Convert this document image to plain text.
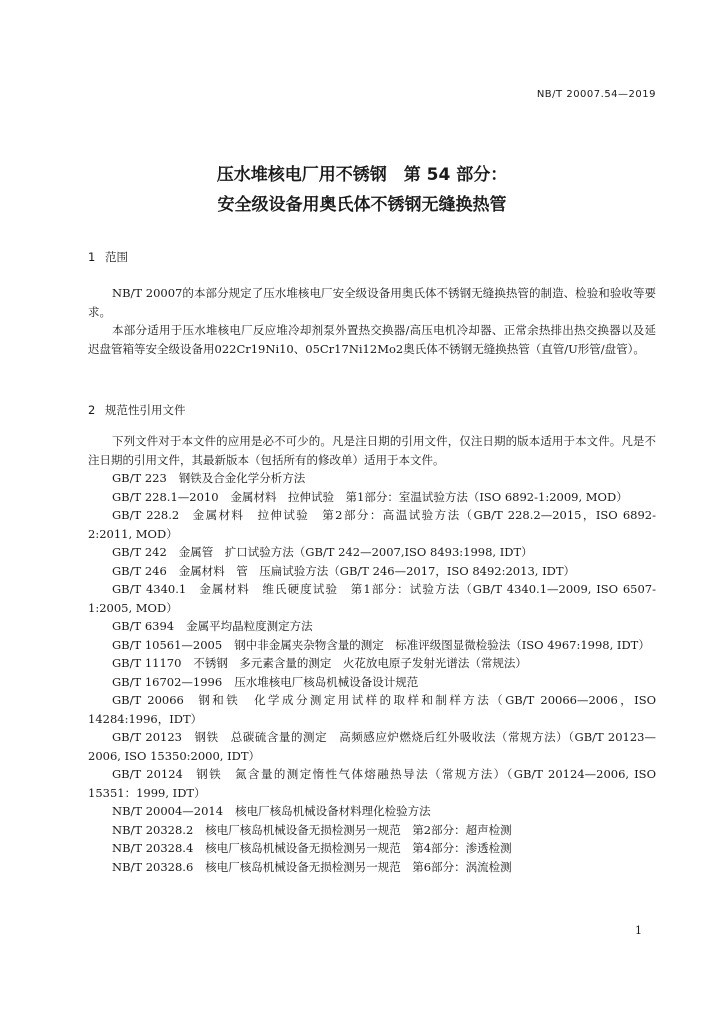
NB/T 20007.54—2019
压水堆核电厂用不锈钢　第 54 部分：
安全级设备用奥氏体不锈钢无缝换热管
1 范围

NB/T 20007的本部分规定了压水堆核电厂安全级设备用奥氏体不锈钢无缝换热管的制造、检验和验收等要求。

本部分适用于压水堆核电厂反应堆冷却剂泵外置热交换器/高压电机冷却器、正常余热排出热交换器以及延迟盘管箱等安全级设备用022Cr19Ni10、05Cr17Ni12Mo2奥氏体不锈钢无缝换热管（直管/U形管/盘管）。

2 规范性引用文件

下列文件对于本文件的应用是必不可少的。凡是注日期的引用文件，仅注日期的版本适用于本文件。凡是不注日期的引用文件，其最新版本（包括所有的修改单）适用于本文件。

GB/T 223 钢铁及合金化学分析方法
GB/T 228.1—2010 金属材料　拉伸试验　第1部分：室温试验方法（ISO 6892-1:2009, MOD）
GB/T 228.2 金属材料　拉伸试验　第2部分：高温试验方法（GB/T 228.2—2015，ISO 6892-2:2011, MOD）
GB/T 242 金属管　扩口试验方法（GB/T 242—2007,ISO 8493:1998, IDT）
GB/T 246 金属材料　管　压扁试验方法（GB/T 246—2017，ISO 8492:2013, IDT）
GB/T 4340.1 金属材料　维氏硬度试验　第1部分：试验方法（GB/T 4340.1—2009, ISO 6507-1:2005, MOD）
GB/T 6394 金属平均晶粒度测定方法
GB/T 10561—2005 钢中非金属夹杂物含量的测定　标准评级图显微检验法（ISO 4967:1998, IDT）
GB/T 11170 不锈钢　多元素含量的测定　火花放电原子发射光谱法（常规法）
GB/T 16702—1996 压水堆核电厂核岛机械设备设计规范
GB/T 20066 钢和铁　化学成分测定用试样的取样和制样方法（GB/T 20066—2006，ISO 14284:1996，IDT）
GB/T 20123 钢铁　总碳硫含量的测定　高频感应炉燃烧后红外吸收法（常规方法）（GB/T 20123—2006, ISO 15350:2000, IDT）
GB/T 20124 钢铁　氮含量的测定惰性气体熔融热导法（常规方法）（GB/T 20124—2006, ISO 15351：1999, IDT）
NB/T 20004—2014 核电厂核岛机械设备材料理化检验方法
NB/T 20328.2 核电厂核岛机械设备无损检测另一规范　第2部分：超声检测
NB/T 20328.4 核电厂核岛机械设备无损检测另一规范　第4部分：渗透检测
NB/T 20328.6 核电厂核岛机械设备无损检测另一规范　第6部分：涡流检测
1
